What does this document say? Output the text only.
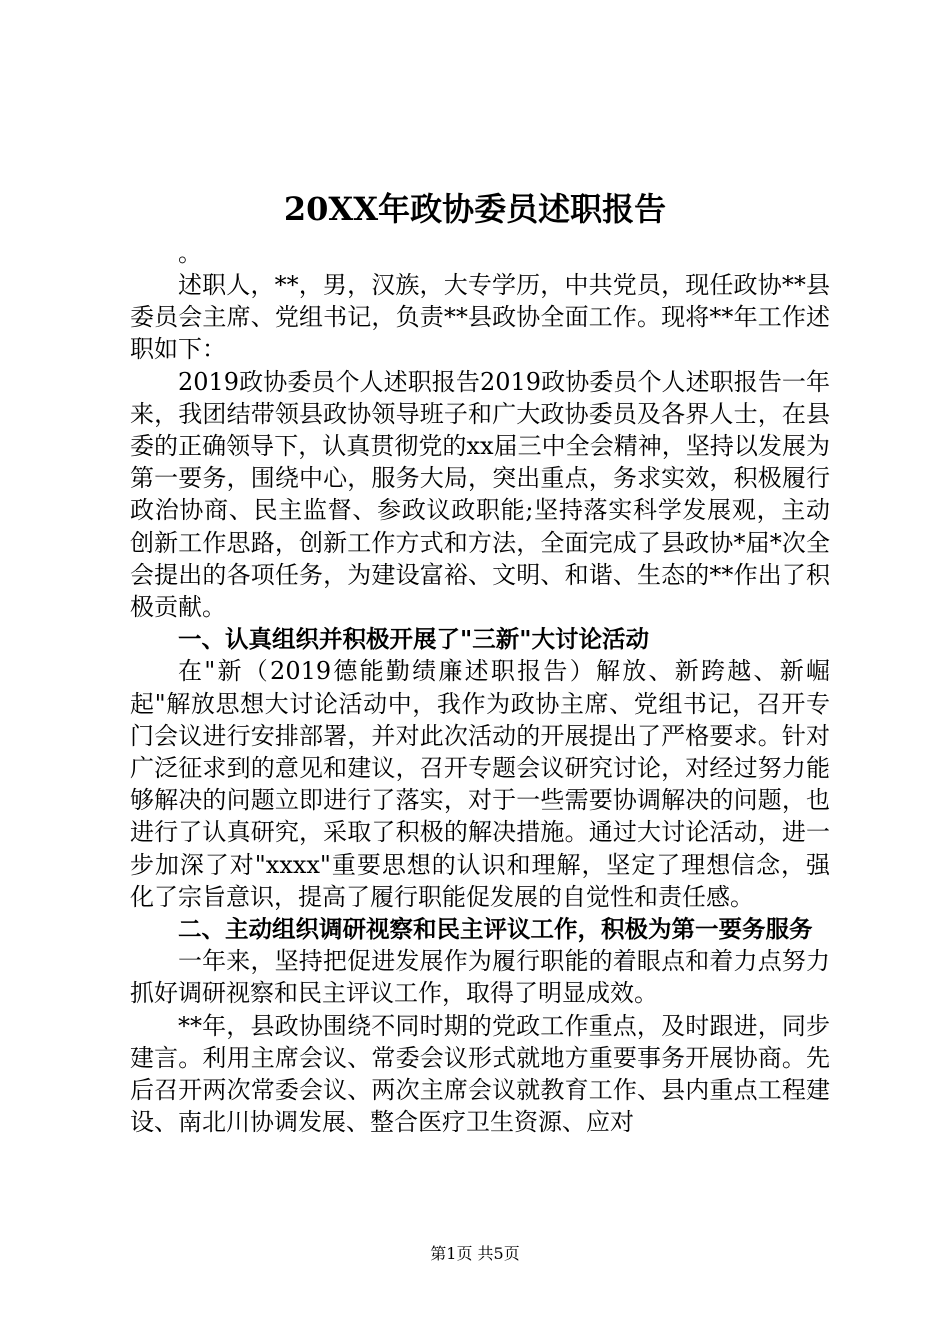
20XX年政协委员述职报告

。

述职人，**，男，汉族，大专学历，中共党员，现任政协**县委员会主席、党组书记，负责**县政协全面工作。现将**年工作述职如下：

2019政协委员个人述职报告2019政协委员个人述职报告一年来，我团结带领县政协领导班子和广大政协委员及各界人士，在县委的正确领导下，认真贯彻党的xx届三中全会精神，坚持以发展为第一要务，围绕中心，服务大局，突出重点，务求实效，积极履行政治协商、民主监督、参政议政职能;坚持落实科学发展观，主动创新工作思路，创新工作方式和方法，全面完成了县政协*届*次全会提出的各项任务，为建设富裕、文明、和谐、生态的**作出了积极贡献。

一、认真组织并积极开展了"三新"大讨论活动

在"新（2019德能勤绩廉述职报告）解放、新跨越、新崛起"解放思想大讨论活动中，我作为政协主席、党组书记，召开专门会议进行安排部署，并对此次活动的开展提出了严格要求。针对广泛征求到的意见和建议，召开专题会议研究讨论，对经过努力能够解决的问题立即进行了落实，对于一些需要协调解决的问题，也进行了认真研究，采取了积极的解决措施。通过大讨论活动，进一步加深了对"xxxx"重要思想的认识和理解，坚定了理想信念，强化了宗旨意识，提高了履行职能促发展的自觉性和责任感。

二、主动组织调研视察和民主评议工作，积极为第一要务服务

一年来，坚持把促进发展作为履行职能的着眼点和着力点努力抓好调研视察和民主评议工作，取得了明显成效。

**年，县政协围绕不同时期的党政工作重点，及时跟进，同步建言。利用主席会议、常委会议形式就地方重要事务开展协商。先后召开两次常委会议、两次主席会议就教育工作、县内重点工程建设、南北川协调发展、整合医疗卫生资源、应对

第1页 共5页
